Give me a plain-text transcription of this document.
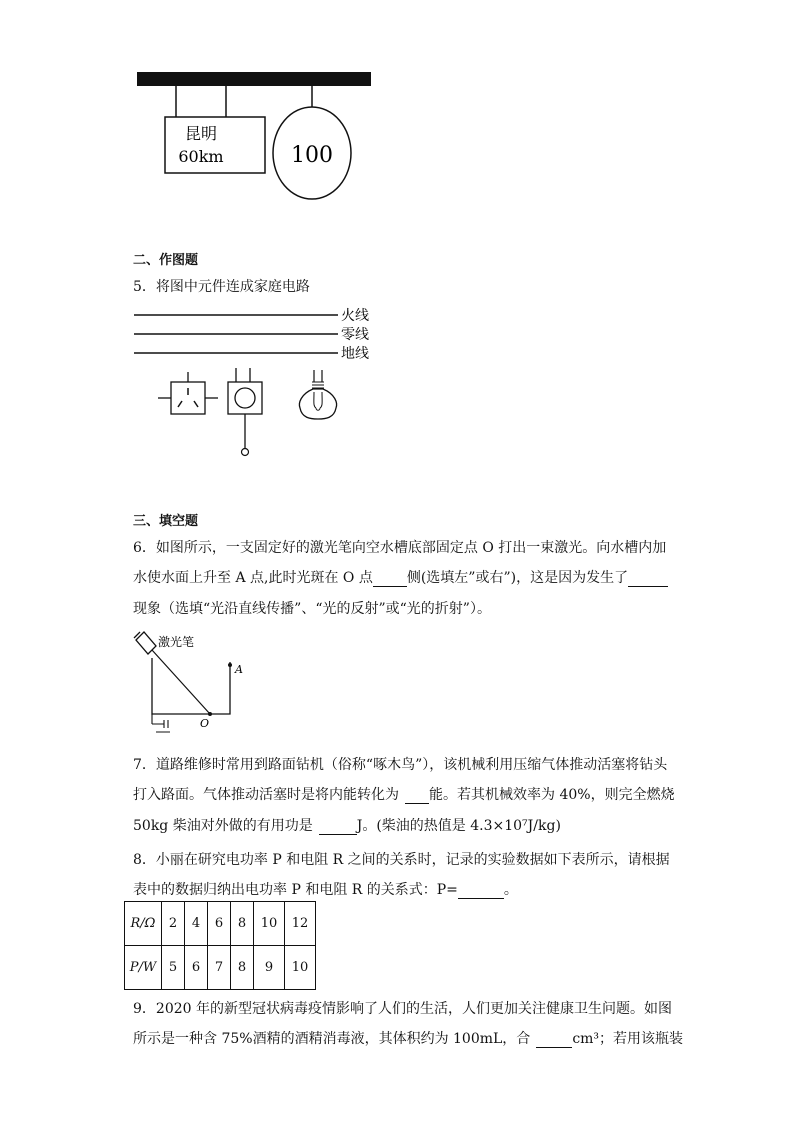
昆明
60km	100
二、作图题
5．将图中元件连成家庭电路
火线
零线
地线
三、填空题
6．如图所示，一支固定好的激光笔向空水槽底部固定点 O 打出一束激光。向水槽内加
水使水面上升至 A 点,此时光斑在 O 点 侧(选填左”或右”)，这是因为发生了
现象（选填“光沿直线传播”、“光的反射”或“光的折射”）。
激光笔
A
O
7．道路维修时常用到路面钻机（俗称“啄木鸟”），该机械利用压缩气体推动活塞将钻头
打入路面。气体推动活塞时是将内能转化为 能。若其机械效率为 40%，则完全燃烧
50kg 柴油对外做的有用功是	J。(柴油的热值是 4.3×10⁷J/kg)
8．小丽在研究电功率 P 和电阻 R 之间的关系时，记录的实验数据如下表所示，请根据
表中的数据归纳出电功率 P 和电阻 R 的关系式：P=	。
R/Ω	2	4	6	8	10	12
P/W	5	6	7	8	9	10
9．2020 年的新型冠状病毒疫情影响了人们的生活，人们更加关注健康卫生问题。如图
所示是一种含 75%酒精的酒精消毒液，其体积约为 100mL，合	cm³；若用该瓶装
